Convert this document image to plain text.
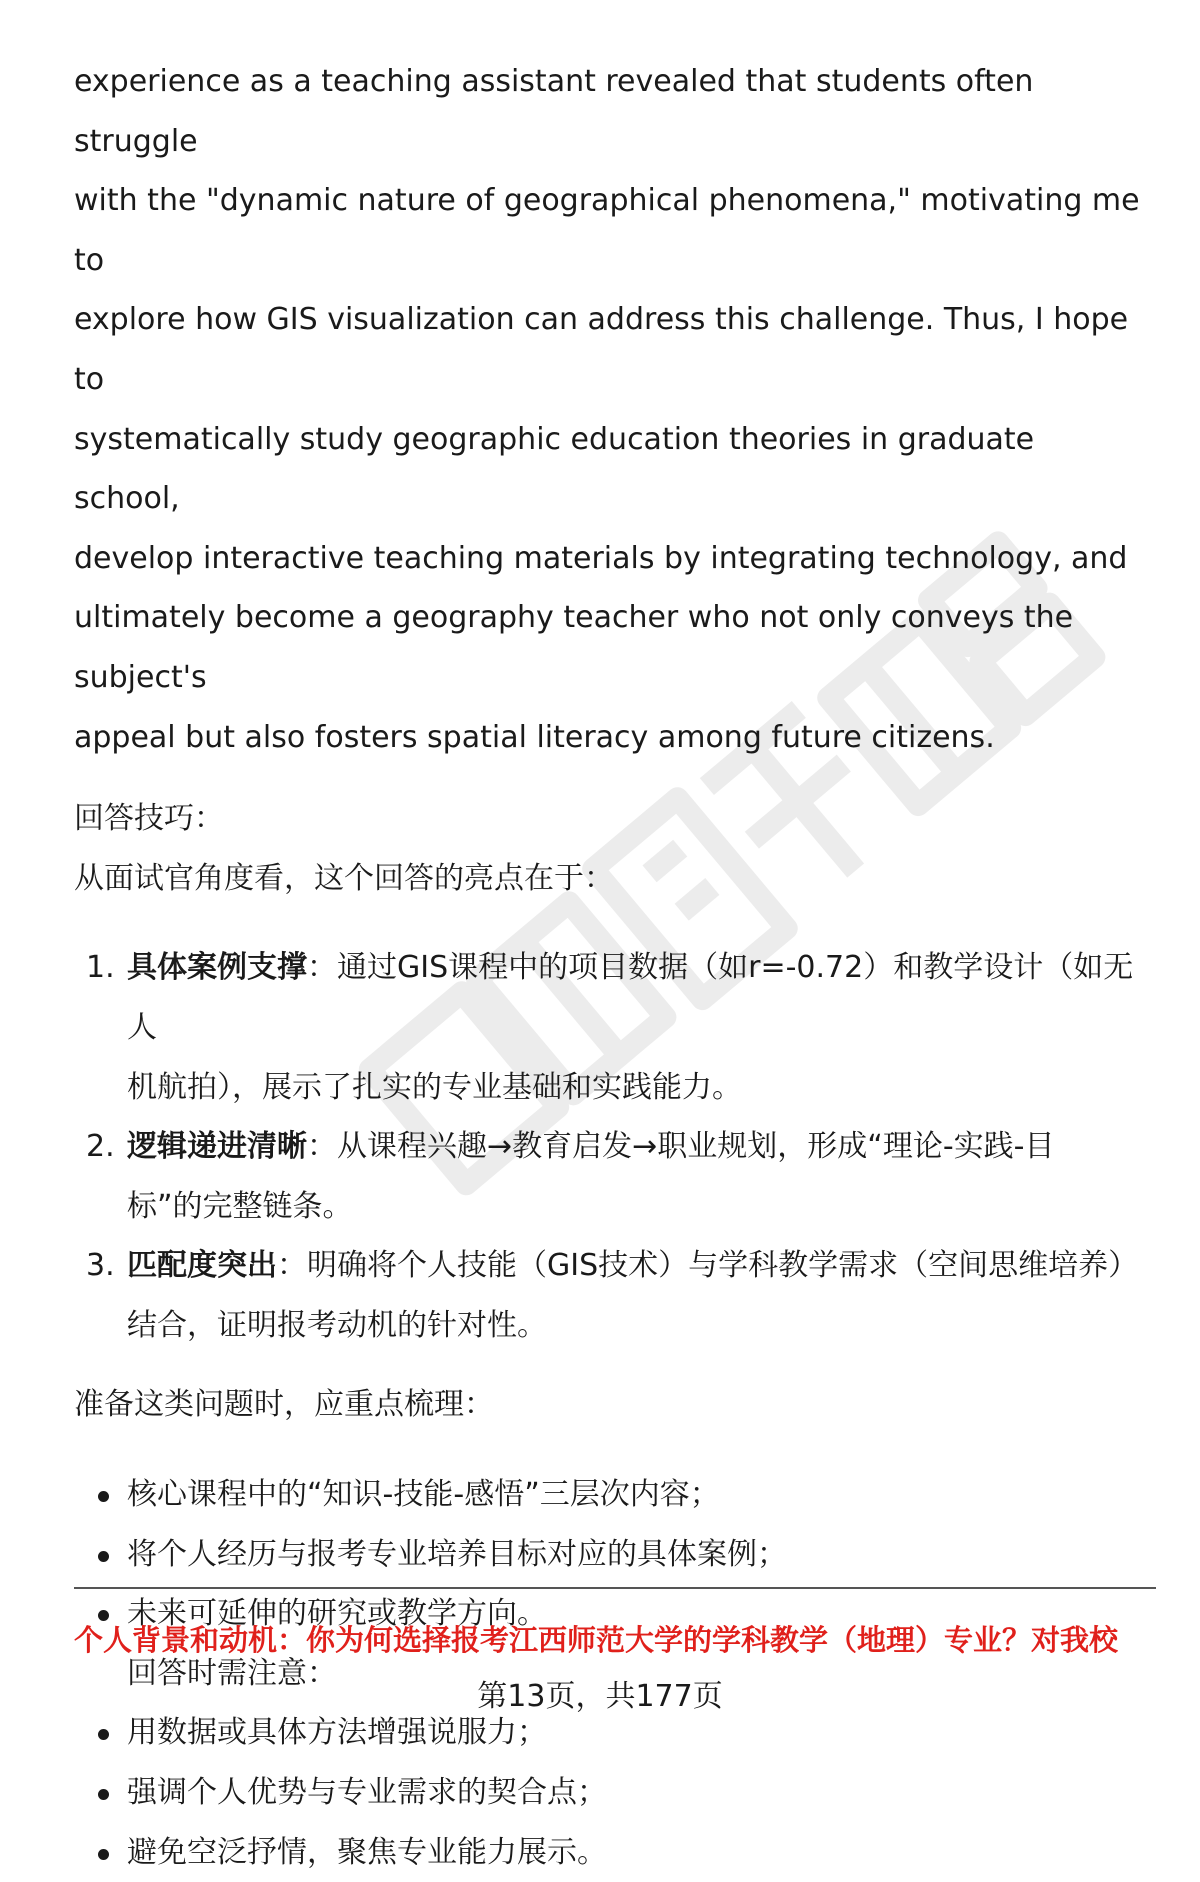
experience as a teaching assistant revealed that students often struggle

with the "dynamic nature of geographical phenomena," motivating me to

explore how GIS visualization can address this challenge. Thus, I hope to

systematically study geographic education theories in graduate school,

develop interactive teaching materials by integrating technology, and

ultimately become a geography teacher who not only conveys the subject's

appeal but also fosters spatial literacy among future citizens.

回答技巧：

从面试官角度看，这个回答的亮点在于：

1. 具体案例支撑：通过GIS课程中的项目数据（如r=-0.72）和教学设计（如无人
机航拍），展示了扎实的专业基础和实践能力。
2. 逻辑递进清晰：从课程兴趣→教育启发→职业规划，形成“理论-实践-目
标”的完整链条。
3. 匹配度突出：明确将个人技能（GIS技术）与学科教学需求（空间思维培养）
结合，证明报考动机的针对性。

准备这类问题时，应重点梳理：

核心课程中的“知识-技能-感悟”三层次内容；
将个人经历与报考专业培养目标对应的具体案例；
未来可延伸的研究或教学方向。
回答时需注意：
用数据或具体方法增强说服力；
强调个人优势与专业需求的契合点；
避免空泛抒情，聚焦专业能力展示。
个人背景和动机：你为何选择报考江西师范大学的学科教学（地理）专业？对我校
第13页，共177页
